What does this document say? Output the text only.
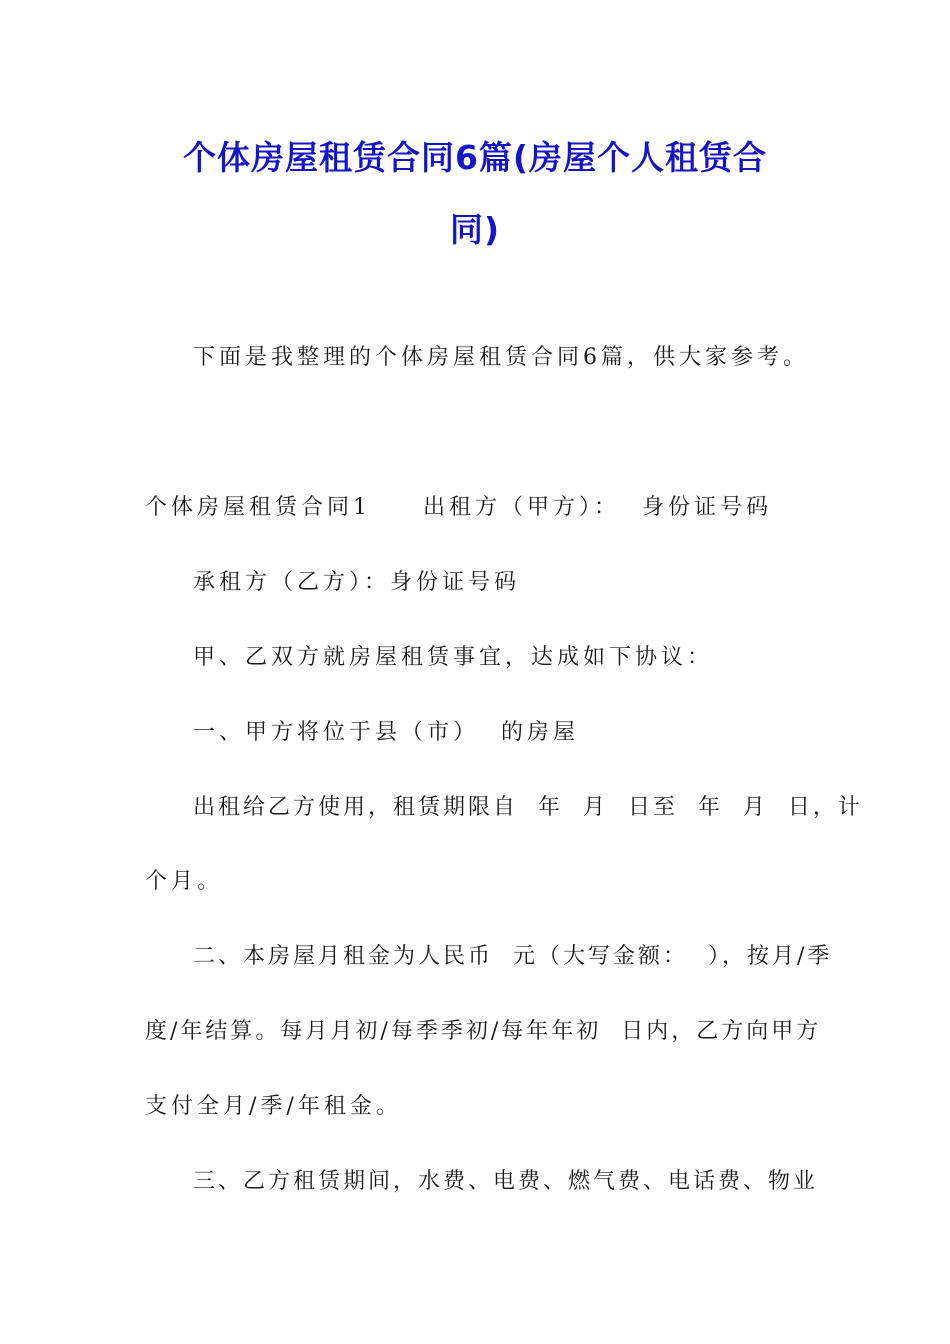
个体房屋租赁合同6篇(房屋个人租赁合
同)
下面是我整理的个体房屋租赁合同6篇，供大家参考。
个体房屋租赁合同1　　出租方（甲方）：  身份证号码
承租方（乙方）：身份证号码
甲、乙双方就房屋租赁事宜，达成如下协议：
一、甲方将位于县（市）  的房屋
出租给乙方使用，租赁期限自  年  月  日至  年  月  日，计
个月。
二、本房屋月租金为人民币  元（大写金额：  ），按月/季
度/年结算。每月月初/每季季初/每年年初  日内，乙方向甲方
支付全月/季/年租金。
三、乙方租赁期间，水费、电费、燃气费、电话费、物业
